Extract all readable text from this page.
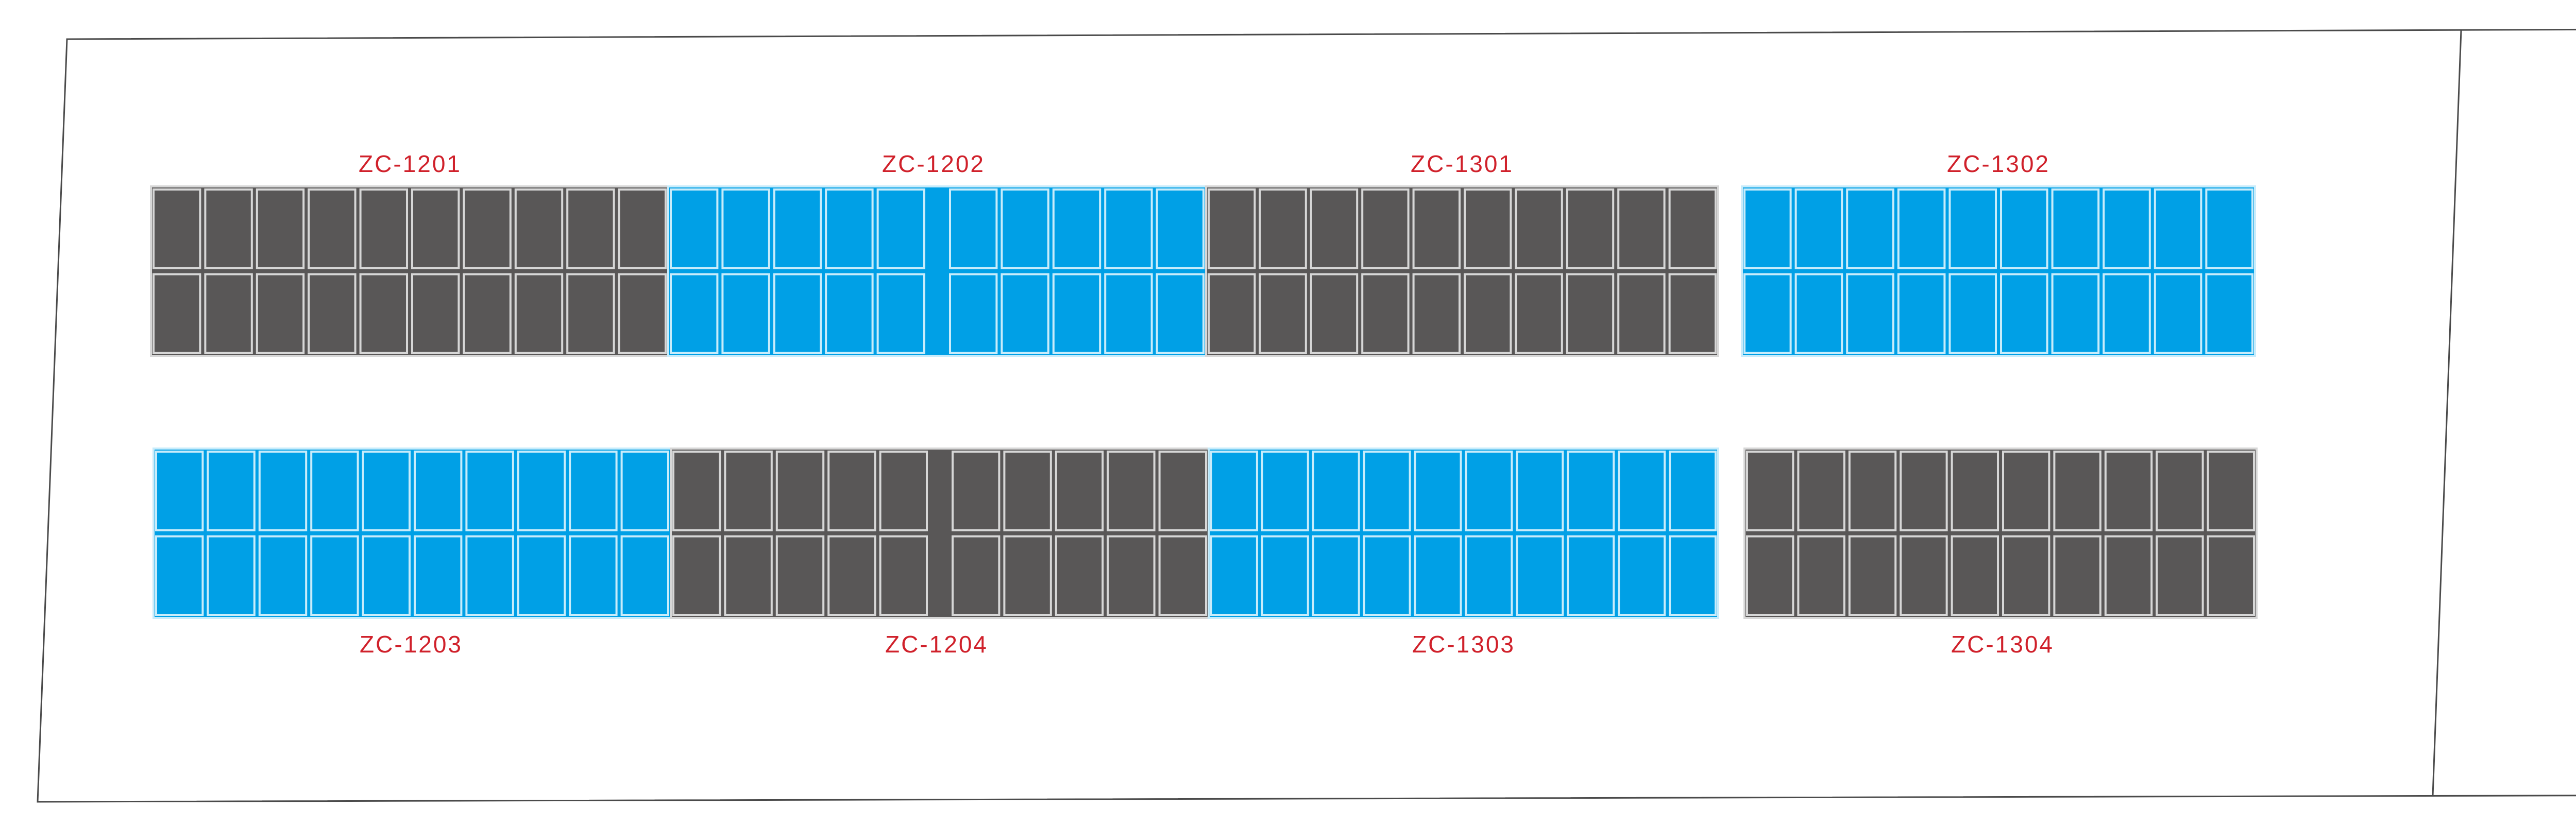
ZC-1201	ZC-1202	ZC-1301	ZC-1302
ZC-1203	ZC-1204	ZC-1303	ZC-1304
